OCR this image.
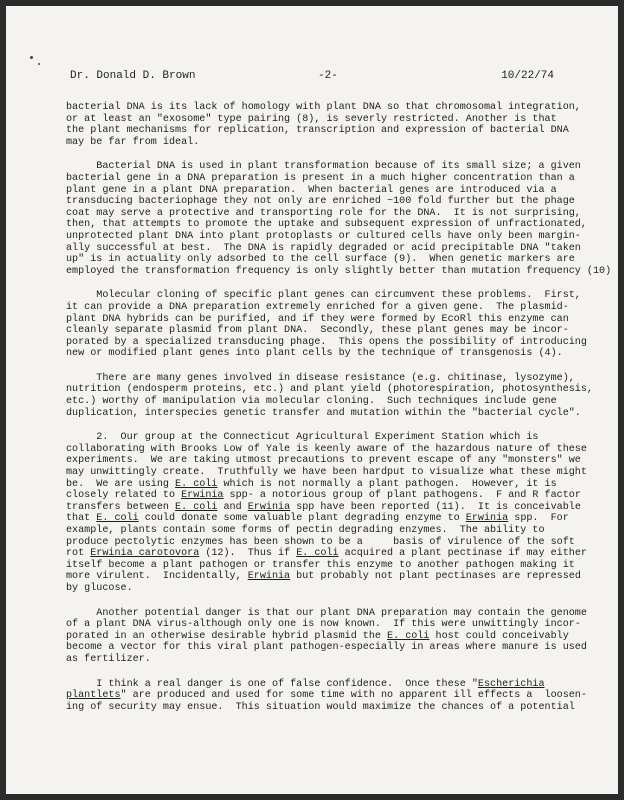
Dr. Donald D. Brown	-2-	10/22/74
bacterial DNA is its lack of homology with plant DNA so that chromosomal integration,
or at least an "exosome" type pairing (8), is severly restricted. Another is that
the plant mechanisms for replication, transcription and expression of bacterial DNA
may be far from ideal.
Bacterial DNA is used in plant transformation because of its small size; a given
bacterial gene in a DNA preparation is present in a much higher concentration than a
plant gene in a plant DNA preparation.  When bacterial genes are introduced via a
transducing bacteriophage they not only are enriched ~100 fold further but the phage
coat may serve a protective and transporting role for the DNA.  It is not surprising,
then, that attempts to promote the uptake and subsequent expression of unfractionated,
unprotected plant DNA into plant protoplasts or cultured cells have only been margin-
ally successful at best.  The DNA is rapidly degraded or acid precipitable DNA "taken
up" is in actuality only adsorbed to the cell surface (9).  When genetic markers are
employed the transformation frequency is only slightly better than mutation frequency (10)
Molecular cloning of specific plant genes can circumvent these problems.  First,
it can provide a DNA preparation extremely enriched for a given gene.  The plasmid-
plant DNA hybrids can be purified, and if they were formed by EcoRl this enzyme can
cleanly separate plasmid from plant DNA.  Secondly, these plant genes may be incor-
porated by a specialized transducing phage.  This opens the possibility of introducing
new or modified plant genes into plant cells by the technique of transgenosis (4).
There are many genes involved in disease resistance (e.g. chitinase, lysozyme),
nutrition (endosperm proteins, etc.) and plant yield (photorespiration, photosynthesis,
etc.) worthy of manipulation via molecular cloning.  Such techniques include gene
duplication, interspecies genetic transfer and mutation within the "bacterial cycle".
2.  Our group at the Connecticut Agricultural Experiment Station which is
collaborating with Brooks Low of Yale is keenly aware of the hazardous nature of these
experiments.  We are taking utmost precautions to prevent escape of any "monsters" we
may unwittingly create.  Truthfully we have been hardput to visualize what these might
be.  We are using E. coli which is not normally a plant pathogen.  However, it is
closely related to Erwinia spp- a notorious group of plant pathogens.  F and R factor
transfers between E. coli and Erwinia spp have been reported (11).  It is conceivable
that E. coli could donate some valuable plant degrading enzyme to Erwinia spp.  For
example, plants contain some forms of pectin degrading enzymes.  The ability to
produce pectolytic enzymes has been shown to be a     basis of virulence of the soft
rot Erwinia carotovora (12).  Thus if E. coli acquired a plant pectinase if may either
itself become a plant pathogen or transfer this enzyme to another pathogen making it
more virulent.  Incidentally, Erwinia but probably not plant pectinases are repressed
by glucose.
Another potential danger is that our plant DNA preparation may contain the genome
of a plant DNA virus-although only one is now known.  If this were unwittingly incor-
porated in an otherwise desirable hybrid plasmid the E. coli host could conceivably
become a vector for this viral plant pathogen-especially in areas where manure is used
as fertilizer.
I think a real danger is one of false confidence.  Once these "Escherichia
plantlets" are produced and used for some time with no apparent ill effects a  loosen-
ing of security may ensue.  This situation would maximize the chances of a potential
